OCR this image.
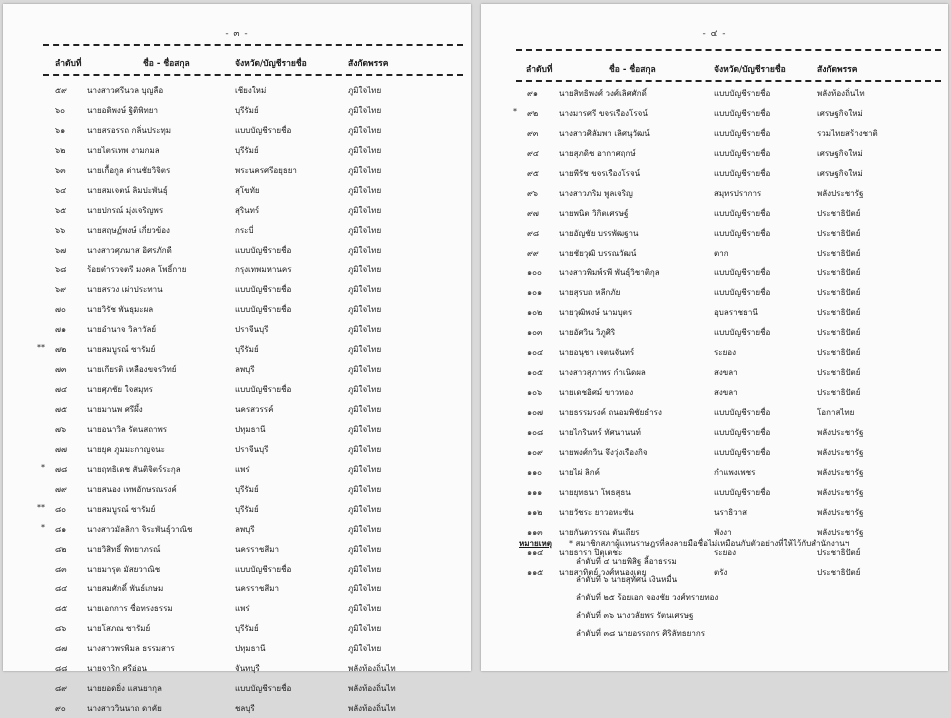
- ๓ -
ลำดับที่	ชื่อ - ชื่อสกุล	จังหวัด/บัญชีรายชื่อ	สังกัดพรรค
๕๙	นางสาวศรีนวล บุญลือ	เชียงใหม่	ภูมิใจไทย
๖๐	นายอดิพงษ์ ฐิติพิทยา	บุรีรัมย์	ภูมิใจไทย
๖๑	นายสรอรรถ กลิ่นประทุม	แบบบัญชีรายชื่อ	ภูมิใจไทย
๖๒	นายไตรเทพ งามกมล	บุรีรัมย์	ภูมิใจไทย
๖๓	นายเกื้อกูล ด่านชัยวิจิตร	พระนครศรีอยุธยา	ภูมิใจไทย
๖๔	นายสมเจตน์ ลิมปะพันธุ์	สุโขทัย	ภูมิใจไทย
๖๕	นายปกรณ์ มุ่งเจริญพร	สุรินทร์	ภูมิใจไทย
๖๖	นายสฤษฏ์พงษ์ เกี่ยวข้อง	กระบี่	ภูมิใจไทย
๖๗	นางสาวศุภมาส อิศรภักดี	แบบบัญชีรายชื่อ	ภูมิใจไทย
๖๘	ร้อยตำรวจตรี มงคล โพธิ์กาย	กรุงเทพมหานคร	ภูมิใจไทย
๖๙	นายสรวง เผ่าประทาน	แบบบัญชีรายชื่อ	ภูมิใจไทย
๗๐	นายวิรัช พันธุมะผล	แบบบัญชีรายชื่อ	ภูมิใจไทย
๗๑	นายอำนาจ วิลาวัลย์	ปราจีนบุรี	ภูมิใจไทย
** ๗๒	นายสมบูรณ์ ซารัมย์	บุรีรัมย์	ภูมิใจไทย
๗๓	นายเกียรติ เหลืองขจรวิทย์	ลพบุรี	ภูมิใจไทย
๗๔ นายศุภชัย ใจสมุทร	แบบบัญชีรายชื่อ	ภูมิใจไทย
๗๕ นายมานพ ศรีผึ้ง	นครสวรรค์	ภูมิใจไทย
๗๖	นายอนาวิล รัตนสถาพร	ปทุมธานี	ภูมิใจไทย
๗๗ นายยุค ภูมมะกาญจนะ	ปราจีนบุรี	ภูมิใจไทย
* ๗๘ นายฤทธิเดช สันติจิตร์ระกุล	แพร่	ภูมิใจไทย
๗๙	นายสนอง เทพอักษรณรงค์	บุรีรัมย์	ภูมิใจไทย
** ๘๐	นายสมบูรณ์ ซารัมย์	บุรีรัมย์	ภูมิใจไทย
* ๘๑	นางสาวมัลลิกา จิระพันธุ์วาณิช	ลพบุรี	ภูมิใจไทย
๘๒	นายวิสิทธิ์ พิทยาภรณ์	นครราชสีมา	ภูมิใจไทย
๘๓	นายมารุต มัสยวาณิช	แบบบัญชีรายชื่อ	ภูมิใจไทย
๘๔ นายสมศักดิ์ พันธ์เกษม	นครราชสีมา	ภูมิใจไทย
๘๕ นายเอกการ ซื่อทรงธรรม	แพร่	ภูมิใจไทย
๘๖	นายโสภณ ซารัมย์	บุรีรัมย์	ภูมิใจไทย
๘๗ นางสาวพรพิมล ธรรมสาร	ปทุมธานี	ภูมิใจไทย
๘๘ นายจาริก ศรีอ่อน	จันทบุรี	พลังท้องถิ่นไท
๘๙ นายยอดยิ่ง แสนยากุล	แบบบัญชีรายชื่อ	พลังท้องถิ่นไท
๙๐	นางสาววินนาถ ดาคัย	ชลบุรี	พลังท้องถิ่นไท
- ๔ -
ลำดับที่	ชื่อ - ชื่อสกุล	จังหวัด/บัญชีรายชื่อ	สังกัดพรรค
๙๑	นายสิทธิพงศ์ วงศ์เลิศศักดิ์	แบบบัญชีรายชื่อ	พลังท้องถิ่นไท
* ๙๒	นางมารศรี ขจรเรืองโรจน์	แบบบัญชีรายชื่อ	เศรษฐกิจใหม่
๙๓	นางสาวศิลัมพา เลิศนุวัฒน์	แบบบัญชีรายชื่อ	รวมไทยสร้างชาติ
๙๔	นายสุภดิช อากาศฤกษ์	แบบบัญชีรายชื่อ	เศรษฐกิจใหม่
๙๕	นายพีรัช ขจรเรืองโรจน์	แบบบัญชีรายชื่อ	เศรษฐกิจใหม่
๙๖	นางสาวภริม พูลเจริญ	สมุทรปราการ	พลังประชารัฐ
๙๗	นายพนิต วิกิตเศรษฐ์	แบบบัญชีรายชื่อ	ประชาธิปัตย์
๙๘ นายอัญชัย บรรพัฒฐาน	แบบบัญชีรายชื่อ	ประชาธิปัตย์
๙๙	นายชัยวุฒิ บรรณวัฒน์	ตาก	ประชาธิปัตย์
๑๐๐ นางสาวพิมพ์รพี พันธุ์วิชาติกุล	แบบบัญชีรายชื่อ	ประชาธิปัตย์
๑๐๑ นายสุรบถ หลีกภัย	แบบบัญชีรายชื่อ	ประชาธิปัตย์
๑๐๒ นายวุฒิพงษ์ นามบุตร	อุบลราชธานี	ประชาธิปัตย์
๑๐๓ นายอัศวิน วิภูศิริ	แบบบัญชีรายชื่อ	ประชาธิปัตย์
๑๐๔ นายอนุชา เจตนจันทร์	ระยอง	ประชาธิปัตย์
๑๐๕ นางสาวสุภาพร กำเนิดผล	สงขลา	ประชาธิปัตย์
๑๐๖ นายเดชอิศม์ ขาวทอง	สงขลา	ประชาธิปัตย์
๑๐๗ นายธรรมรงค์ ถนอมพิชัยธำรง	แบบบัญชีรายชื่อ	โอกาสไทย
๑๐๘ นายไกรินทร์ ทัศนานนท์	แบบบัญชีรายชื่อ	พลังประชารัฐ
๑๐๙ นายพงศ์กวิน จึงวุ่งเรืองกิจ	แบบบัญชีรายชื่อ	พลังประชารัฐ
๑๑๐ นายไผ่ ลิกค์	กำแพงเพชร	พลังประชารัฐ
๑๑๑ นายยุทธนา โพธสุธน	แบบบัญชีรายชื่อ	พลังประชารัฐ
๑๑๒ นายวัชระ ยาวอหะซัน	นราธิวาส	พลังประชารัฐ
๑๑๓ นายกันตวรรณ ตันเถียร	พังงา	พลังประชารัฐ
๑๑๔ นายธารา ปิตุเตชะ	ระยอง	ประชาธิปัตย์
๑๑๕ นายสาทิตย์ วงศ์หนองเตย	ตรัง	ประชาธิปัตย์
หมายเหตุ * สมาชิกสภาผู้แทนราษฎรที่ลงลายมือชื่อไม่เหมือนกับตัวอย่างที่ให้ไว้กับสำนักงานฯ
ลำดับที่ ๔ นายพิสิฐ ลี้อาธรรม
ลำดับที่ ๖ นายสุทัศน์ เงินหมื่น
ลำดับที่ ๒๕ ร้อยเอก จองชัย วงศ์ทรายทอง
ลำดับที่ ๓๖ นางวลัยพร รัตนเศรษฐ
ลำดับที่ ๓๘ นายอรรถกร ศิริลัทธยากร
